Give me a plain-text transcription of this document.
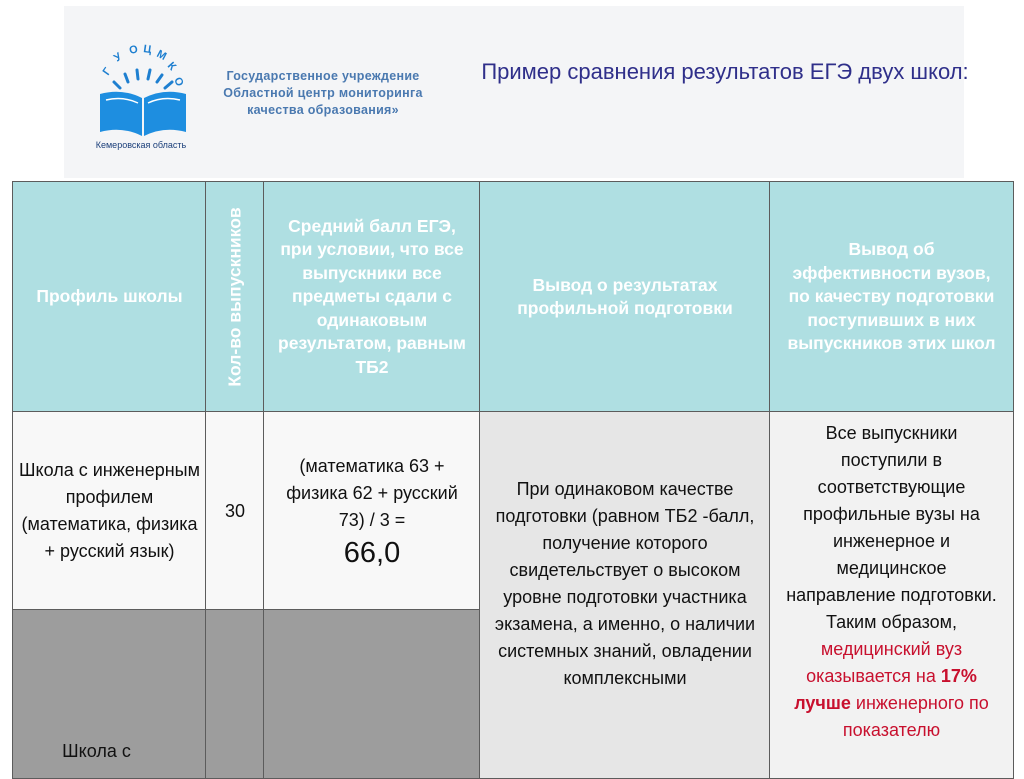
Г
У
О Ц М
К
О
Кемеровская область
Государственное учреждение
Областной центр мониторинга
качества образования»
Пример сравнения результатов ЕГЭ двух школ:
Профиль школы	Кол-во выпускников	Средний балл ЕГЭ, при условии, что все выпускники все предметы сдали с одинаковым результатом, равным ТБ2
Вывод о результатах профильной подготовки
Вывод об эффективности вузов, по качеству подготовки поступивших в них выпускников этих школ
Школа с инженерным профилем (математика, физика + русский язык)
30
(математика 63 + физика 62 + русский 73) / 3 =
66,0
При одинаковом качестве подготовки (равном ТБ2 -балл, получение которого свидетельствует о высоком уровне подготовки участника экзамена, а именно, о наличии системных знаний, овладении комплексными
Все выпускники поступили в соответствующие профильные вузы на инженерное и медицинское направление подготовки. Таким образом, медицинский вуз оказывается на 17% лучше инженерного по показателю
Школа с
